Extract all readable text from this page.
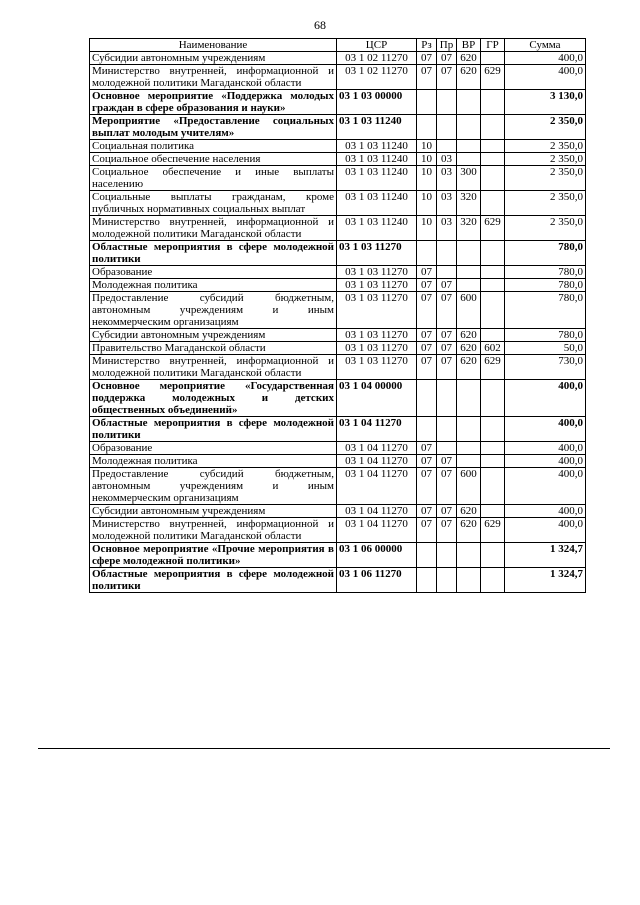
68
Наименование	ЦСР	Рз	Пр	ВР	ГР	Сумма
Субсидии автономным учреждениям	03 1 02 11270	07	07	620		400,0
Министерство внутренней, информационной и молодежной политики Магаданской области	03 1 02 11270	07	07	620	629	400,0
Основное мероприятие «Поддержка молодых граждан в сфере образования и науки»	03 1 03 00000					3 130,0
Мероприятие «Предоставление социальных выплат молодым учителям»	03 1 03 11240					2 350,0
Социальная политика	03 1 03 11240	10				2 350,0
Социальное обеспечение населения	03 1 03 11240	10	03			2 350,0
Социальное обеспечение и иные выплаты населению	03 1 03 11240	10	03	300		2 350,0
Социальные выплаты гражданам, кроме публичных нормативных социальных выплат	03 1 03 11240	10	03	320		2 350,0
Министерство внутренней, информационной и молодежной политики Магаданской области	03 1 03 11240	10	03	320	629	2 350,0
Областные мероприятия в сфере молодежной политики	03 1 03 11270					780,0
Образование	03 1 03 11270	07				780,0
Молодежная политика	03 1 03 11270	07	07			780,0
Предоставление субсидий бюджетным, автономным учреждениям и иным некоммерческим организациям	03 1 03 11270	07	07	600		780,0
Субсидии автономным учреждениям	03 1 03 11270	07	07	620		780,0
Правительство Магаданской области	03 1 03 11270	07	07	620	602	50,0
Министерство внутренней, информационной и молодежной политики Магаданской области	03 1 03 11270	07	07	620	629	730,0
Основное мероприятие «Государственная поддержка молодежных и детских общественных объединений»	03 1 04 00000					400,0
Областные мероприятия в сфере молодежной политики	03 1 04 11270					400,0
Образование	03 1 04 11270	07				400,0
Молодежная политика	03 1 04 11270	07	07			400,0
Предоставление субсидий бюджетным, автономным учреждениям и иным некоммерческим организациям	03 1 04 11270	07	07	600		400,0
Субсидии автономным учреждениям	03 1 04 11270	07	07	620		400,0
Министерство внутренней, информационной и молодежной политики Магаданской области	03 1 04 11270	07	07	620	629	400,0
Основное мероприятие «Прочие мероприятия в сфере молодежной политики»	03 1 06 00000					1 324,7
Областные мероприятия в сфере молодежной политики	03 1 06 11270					1 324,7
